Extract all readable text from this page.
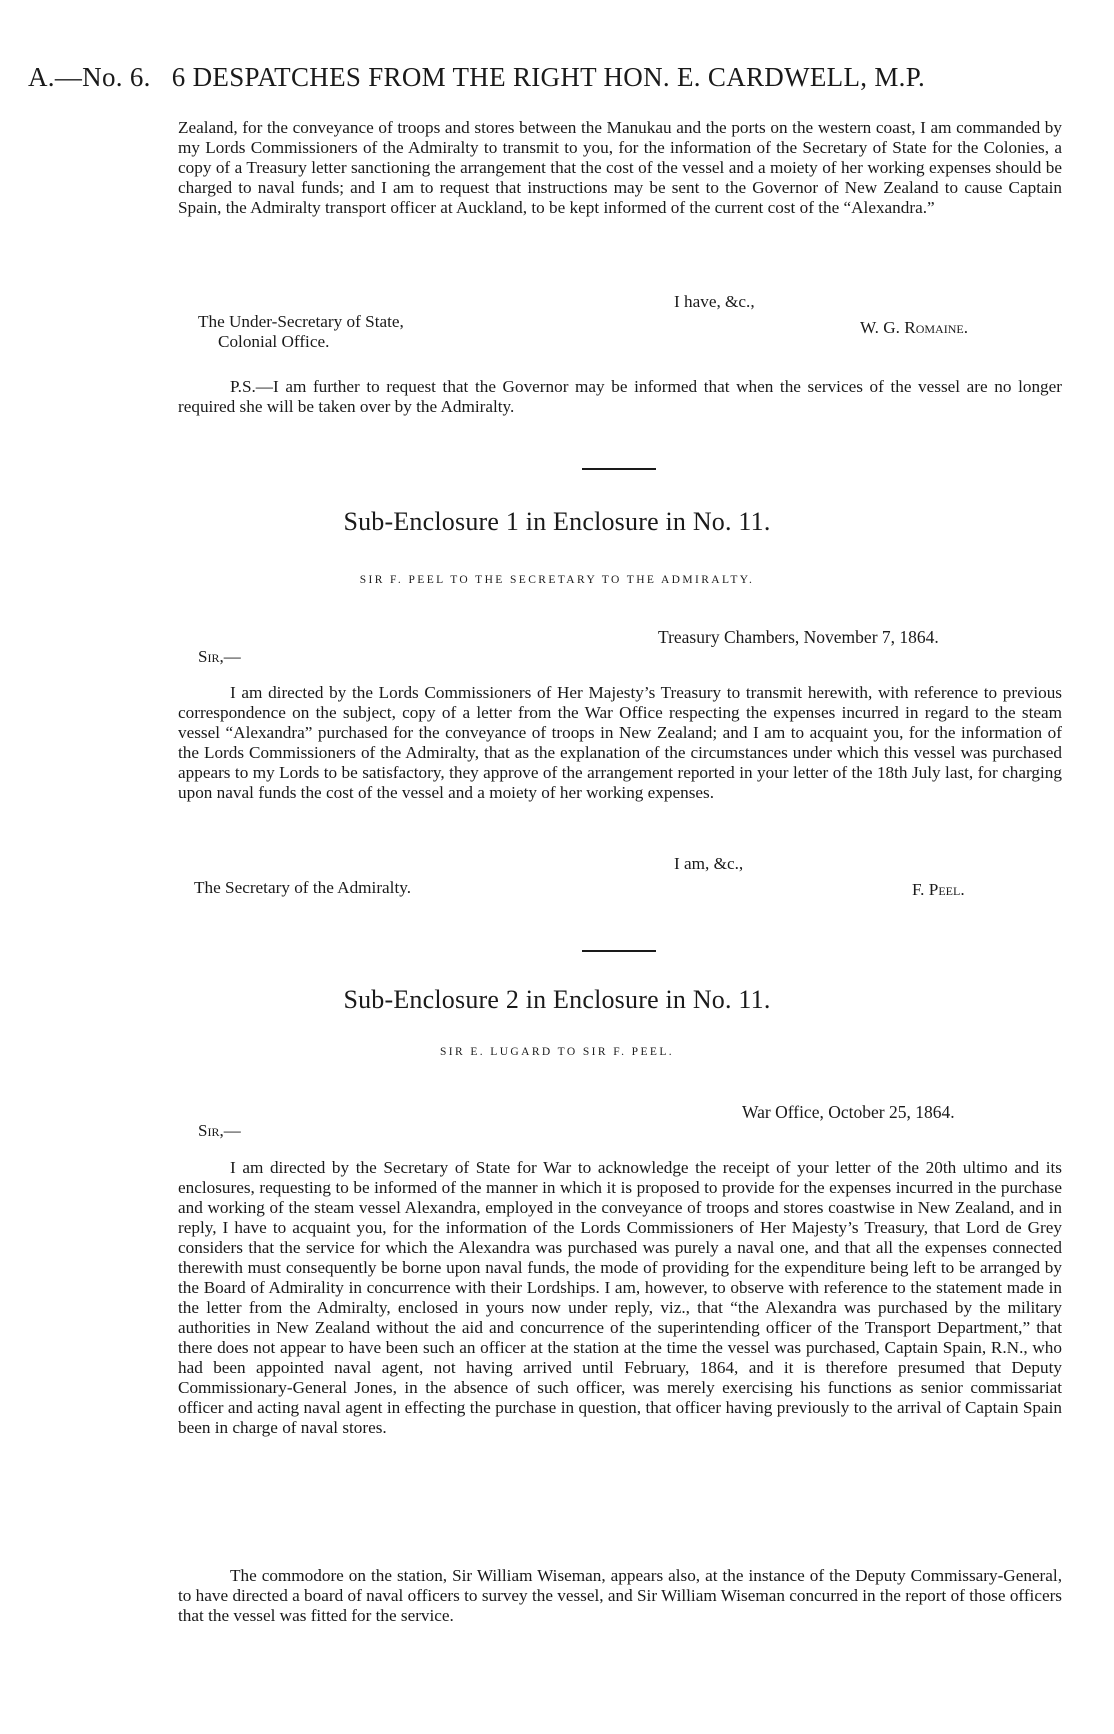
A.—No. 6. 6 DESPATCHES FROM THE RIGHT HON. E. CARDWELL, M.P.

Zealand, for the conveyance of troops and stores between the Manukau and the ports on the western coast, I am commanded by my Lords Commissioners of the Admiralty to transmit to you, for the information of the Secretary of State for the Colonies, a copy of a Treasury letter sanctioning the arrangement that the cost of the vessel and a moiety of her working expenses should be charged to naval funds; and I am to request that instructions may be sent to the Governor of New Zealand to cause Captain Spain, the Admiralty transport officer at Auckland, to be kept informed of the current cost of the “Alexandra.”

I have, &c.,
The Under-Secretary of State,
Colonial Office.
W. G. Romaine.

P.S.—I am further to request that the Governor may be informed that when the services of the vessel are no longer required she will be taken over by the Admiralty.

Sub-Enclosure 1 in Enclosure in No. 11.
SIR F. PEEL TO THE SECRETARY TO THE ADMIRALTY.
Treasury Chambers, November 7, 1864.
Sir,—

I am directed by the Lords Commissioners of Her Majesty’s Treasury to transmit herewith, with reference to previous correspondence on the subject, copy of a letter from the War Office respecting the expenses incurred in regard to the steam vessel “Alexandra” purchased for the conveyance of troops in New Zealand; and I am to acquaint you, for the information of the Lords Commissioners of the Admiralty, that as the explanation of the circumstances under which this vessel was purchased appears to my Lords to be satisfactory, they approve of the arrangement reported in your letter of the 18th July last, for charging upon naval funds the cost of the vessel and a moiety of her working expenses.

I am, &c.,
The Secretary of the Admiralty.	F. Peel.
Sub-Enclosure 2 in Enclosure in No. 11.
SIR E. LUGARD TO SIR F. PEEL.
War Office, October 25, 1864.
Sir,—

I am directed by the Secretary of State for War to acknowledge the receipt of your letter of the 20th ultimo and its enclosures, requesting to be informed of the manner in which it is proposed to provide for the expenses incurred in the purchase and working of the steam vessel Alexandra, employed in the conveyance of troops and stores coastwise in New Zealand, and in reply, I have to acquaint you, for the information of the Lords Commissioners of Her Majesty’s Treasury, that Lord de Grey considers that the service for which the Alexandra was purchased was purely a naval one, and that all the expenses connected therewith must consequently be borne upon naval funds, the mode of providing for the expenditure being left to be arranged by the Board of Admirality in concurrence with their Lordships. I am, however, to observe with reference to the statement made in the letter from the Admiralty, enclosed in yours now under reply, viz., that “the Alexandra was purchased by the military authorities in New Zealand without the aid and concurrence of the superintending officer of the Transport Department,” that there does not appear to have been such an officer at the station at the time the vessel was purchased, Captain Spain, R.N., who had been appointed naval agent, not having arrived until February, 1864, and it is therefore presumed that Deputy Commissionary-General Jones, in the absence of such officer, was merely exercising his functions as senior commissariat officer and acting naval agent in effecting the purchase in question, that officer having previously to the arrival of Captain Spain been in charge of naval stores.

The commodore on the station, Sir William Wiseman, appears also, at the instance of the Deputy Commissary-General, to have directed a board of naval officers to survey the vessel, and Sir William Wiseman concurred in the report of those officers that the vessel was fitted for the service.
